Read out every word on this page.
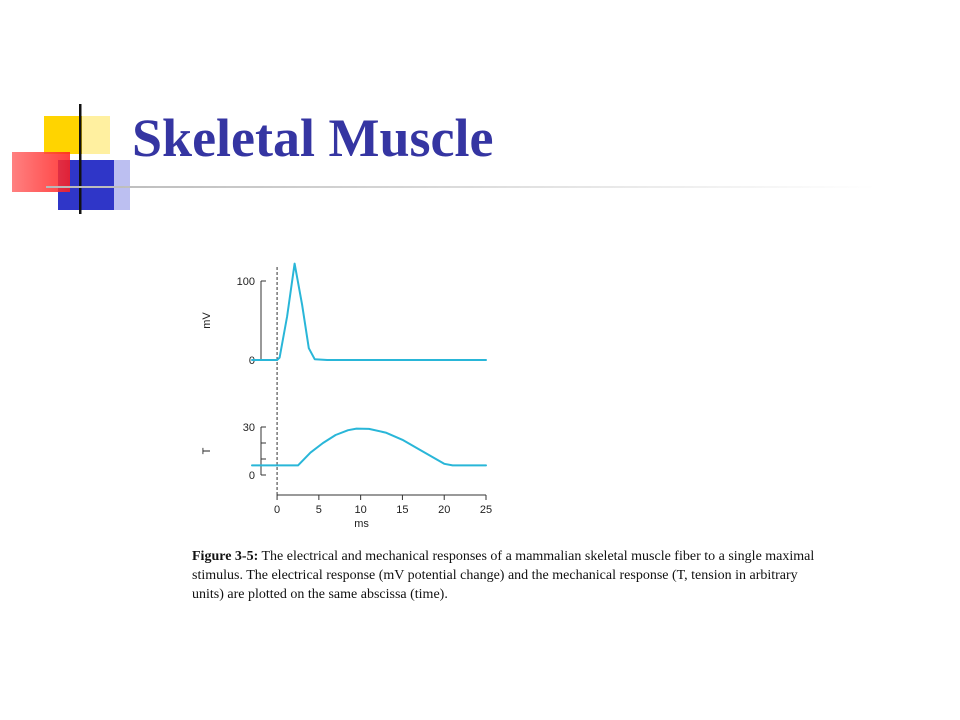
Skeletal Muscle
0
100
mV
0
30
T
0	5	10	15	20	25
ms
Figure 3-5: The electrical and mechanical responses of a mammalian skeletal muscle fiber to a single maximal stimulus. The electrical response (mV potential change) and the mechanical response (T, tension in arbitrary units) are plotted on the same abscissa (time).
